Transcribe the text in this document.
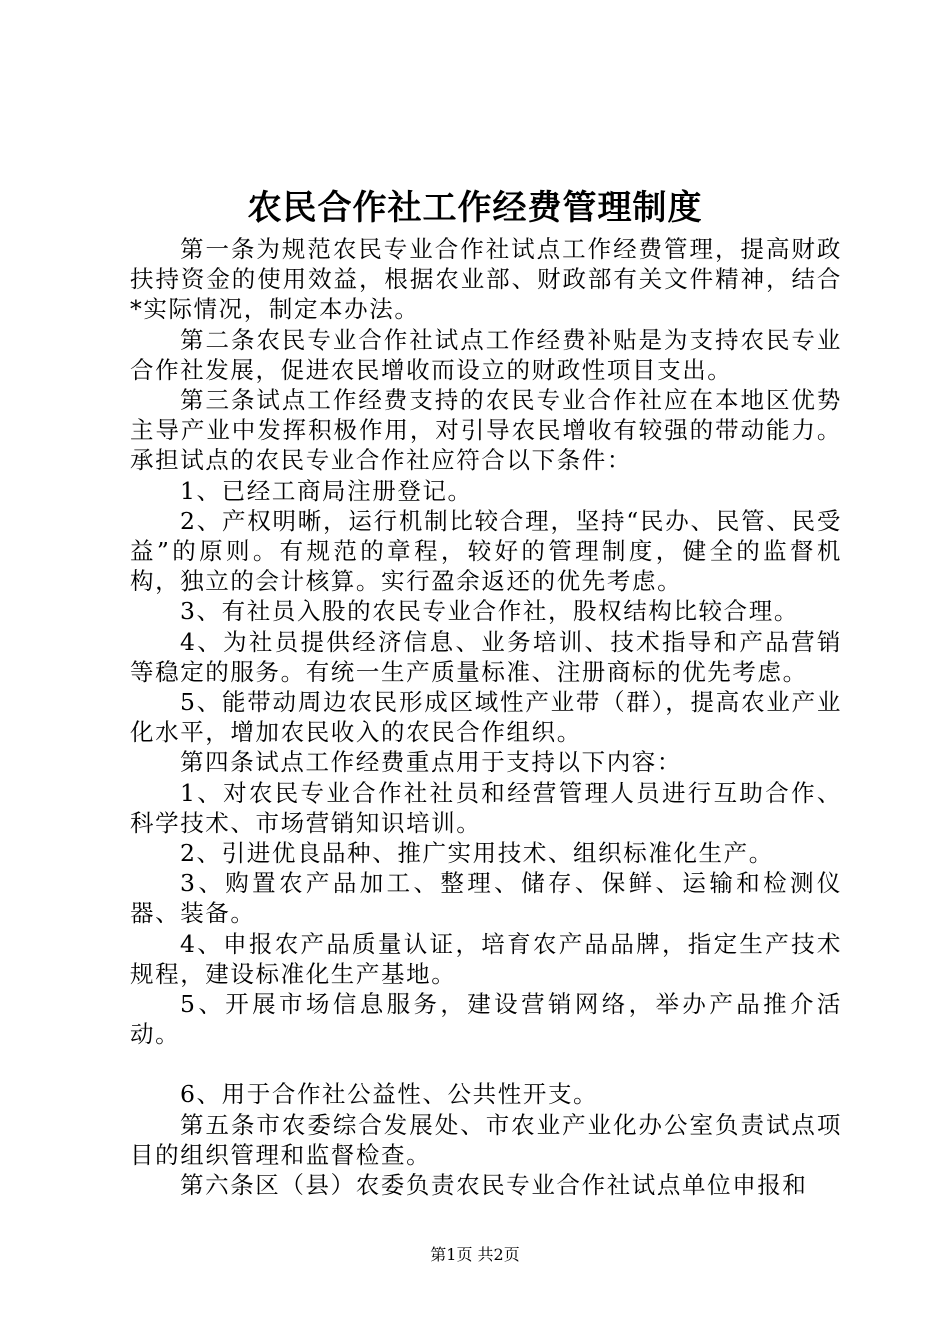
农民合作社工作经费管理制度

第一条为规范农民专业合作社试点工作经费管理，提高财政扶持资金的使用效益，根据农业部、财政部有关文件精神，结合*实际情况，制定本办法。

第二条农民专业合作社试点工作经费补贴是为支持农民专业合作社发展，促进农民增收而设立的财政性项目支出。

第三条试点工作经费支持的农民专业合作社应在本地区优势主导产业中发挥积极作用，对引导农民增收有较强的带动能力。承担试点的农民专业合作社应符合以下条件：

1、已经工商局注册登记。

2、产权明晰，运行机制比较合理，坚持“民办、民管、民受益”的原则。有规范的章程，较好的管理制度，健全的监督机构，独立的会计核算。实行盈余返还的优先考虑。

3、有社员入股的农民专业合作社，股权结构比较合理。

4、为社员提供经济信息、业务培训、技术指导和产品营销等稳定的服务。有统一生产质量标准、注册商标的优先考虑。

5、能带动周边农民形成区域性产业带（群），提高农业产业化水平，增加农民收入的农民合作组织。

第四条试点工作经费重点用于支持以下内容：

1、对农民专业合作社社员和经营管理人员进行互助合作、科学技术、市场营销知识培训。

2、引进优良品种、推广实用技术、组织标准化生产。

3、购置农产品加工、整理、储存、保鲜、运输和检测仪器、装备。

4、申报农产品质量认证，培育农产品品牌，指定生产技术规程，建设标准化生产基地。

5、开展市场信息服务，建设营销网络，举办产品推介活动。

6、用于合作社公益性、公共性开支。

第五条市农委综合发展处、市农业产业化办公室负责试点项目的组织管理和监督检查。

第六条区（县）农委负责农民专业合作社试点单位申报和

第1页 共2页
